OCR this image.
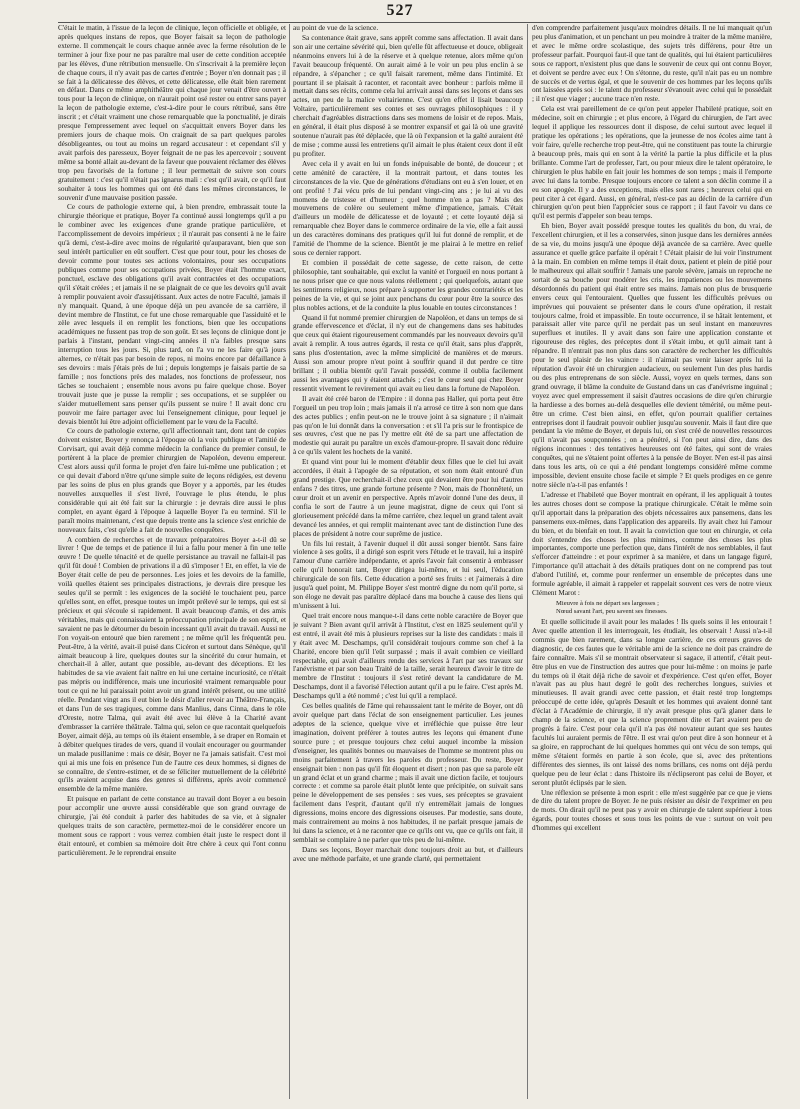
527

C'était le matin, à l'issue de la leçon de clinique, leçon officielle et obligée, et après quelques instans de repos, que Boyer faisait sa leçon de pathologie externe. Il commençait le cours chaque année avec la ferme résolution de le terminer à jour fixe pour ne pas paraître mal user de cette condition acceptée par les élèves, d'une rétribution mensuelle. On s'inscrivait à la première leçon de chaque cours, il n'y avait pas de cartes d'entrée ; Boyer n'en donnait pas ; il se fait à la délicatesse des élèves, et cette délicatesse, elle était bien rarement en défaut. Dans ce même amphithéâtre qui chaque jour venait d'être ouvert à tous pour la leçon de clinique, on n'aurait point osé rester ou entrer sans payer la leçon de pathologie externe, c'est-à-dire pour le cours rétribué, sans être inscrit ; et c'était vraiment une chose remarquable que la ponctualité, je dirais presque l'empressement avec lequel on s'acquittait envers Boyer dans les premiers jours de chaque mois. On craignait de sa part quelques paroles désobligeantes, ou tout au moins un regard accusateur : et cependant s'il y avait parfois des paresseux, Boyer feignait de ne pas les apercevoir ; souvent même sa bonté allait au-devant de la faveur que pouvaient réclamer des élèves trop peu favorisés de la fortune ; il leur permettait de suivre son cours gratuitement : c'est qu'il n'était pas ignarus mali : c'est qu'il avait, ce qu'il faut souhaiter à tous les hommes qui ont été dans les mêmes circonstances, le souvenir d'une mauvaise position passée.

Ce cours de pathologie externe qui, à bien prendre, embrassait toute la chirurgie théorique et pratique, Boyer l'a continué aussi longtemps qu'il a pu le combiner avec les exigences d'une grande pratique particulière, et l'accomplissement de devoirs impérieux ; il n'aurait pas consenti à ne le faire qu'à demi, c'est-à-dire avec moins de régularité qu'auparavant, bien que son seul intérêt particulier en eût souffert. C'est que pour tout, pour les choses de devoir comme pour toutes ses actions volontaires, pour ses occupations publiques comme pour ses occupations privées, Boyer était l'homme exact, ponctuel, esclave des obligations qu'il avait contractées et des occupations qu'il s'était créées ; et jamais il ne se plaignait de ce que les devoirs qu'il avait à remplir pouvaient avoir d'assujétissant. Aux actes de notre Faculté, jamais il n'y manquait. Quand, à une époque déjà un peu avancée de sa carrière, il devint membre de l'Institut, ce fut une chose remarquable que l'assiduité et le zèle avec lesquels il en remplit les fonctions, bien que les occupations académiques ne fussent pas trop de son goût. Et ses leçons de clinique dont je parlais à l'instant, pendant vingt-cinq années il n'a faibles presque sans interruption tous les jours. Si, plus tard, on l'a vu ne les faire qu'à jours alternes, ce n'était pas par besoin de repos, ni moins encore par défaillance à ses devoirs : mais j'étais près de lui ; depuis longtemps je faisais partie de sa famille ; nos fonctions près des malades, nos fonctions de professeur, nos tâches se touchaient ; ensemble nous avons pu faire quelque chose. Boyer trouvait juste que je pusse la remplir ; ses occupations, et se suppléer ou s'aider mutuellement sans penser qu'ils pussent se nuire ! Il avait donc cru pouvoir me faire partager avec lui l'enseignement clinique, pour lequel je devais bientôt lui être adjoint officiellement par le vœu de la Faculté.

Ce cours de pathologie externe, qu'il affectionnait tant, dont tant de copies doivent exister, Boyer y renonça à l'époque où la voix publique et l'amitié de Corvisart, qui avait déjà comme médecin la confiance du premier consul, le portèrent à la place de premier chirurgien de Napoléon, devenu empereur. C'est alors aussi qu'il forma le projet d'en faire lui-même une publication ; et ce qui devait d'abord n'être qu'une simple suite de leçons rédigées, est devenu par les soins de plus en plus grands que Boyer y a apportés, par les études nouvelles auxquelles il s'est livré, l'ouvrage le plus étendu, le plus considérable qui ait été fait sur la chirurgie : je devrais dire aussi le plus complet, en ayant égard à l'époque à laquelle Boyer l'a eu terminé. S'il le paraît moins maintenant, c'est que depuis trente ans la science s'est enrichie de nouveaux faits, c'est qu'elle a fait de nouvelles conquêtes.

A combien de recherches et de travaux préparatoires Boyer a-t-il dû se livrer ! Que de temps et de patience il lui a fallu pour mener à fin une telle œuvre ! De quelle ténacité et de quelle persistance au travail ne fallait-il pas qu'il fût doué ! Combien de privations il a dû s'imposer ! Et, en effet, la vie de Boyer était celle de peu de personnes. Les joies et les devoirs de la famille, voilà quelles étaient ses principales distractions, je devrais dire presque les seules qu'il se permît : les exigences de la société le touchaient peu, parce qu'elles sont, en effet, presque toutes un impôt prélevé sur le temps, qui est si précieux et qui s'écoule si rapidement. Il avait beaucoup d'amis, et des amis véritables, mais qui connaissaient la préoccupation principale de son esprit, et savaient ne pas le détourner du besoin incessant qu'il avait du travail. Aussi ne l'on voyait-on entouré que bien rarement ; ne même qu'il les fréquentât peu. Peut-être, à la vérité, avait-il puisé dans Cicéron et surtout dans Sénèque, qu'il aimait beaucoup à lire, quelques doutes sur la sincérité du cœur humain, et cherchait-il à aller, autant que possible, au-devant des déceptions. Et les habitudes de sa vie avaient fait naître en lui une certaine incuriosité, ce n'était pas mépris ou indifférence, mais une incuriosité vraiment remarquable pour tout ce qui ne lui paraissait point avoir un grand intérêt présent, ou une utilité réelle. Pendant vingt ans il eut bien le désir d'aller revoir au Théâtre-Français, et dans l'un de ses tragiques, comme dans Manlius, dans Cinna, dans le rôle d'Oreste, notre Talma, qui avait été avec lui élève à la Charité avant d'embrasser la carrière théâtrale. Talma qui, selon ce que racontait quelquefois Boyer, aimait déjà, au temps où ils étaient ensemble, à se draper en Romain et à débiter quelques tirades de vers, quand il voulait encourager ou gourmander un malade pusillanime : mais ce désir, Boyer ne l'a jamais satisfait. C'est moi qui ai mis une fois en présence l'un de l'autre ces deux hommes, si dignes de se connaître, de s'entre-estimer, et de se féliciter mutuellement de la célébrité qu'ils avaient acquise dans des genres si différens, après avoir commencé ensemble de la même manière.

Et puisque en parlant de cette constance au travail dont Boyer a eu besoin pour accomplir une œuvre aussi considérable que son grand ouvrage de chirurgie, j'ai été conduit à parler des habitudes de sa vie, et à signaler quelques traits de son caractère, permettez-moi de le considérer encore un moment sous ce rapport : vous verrez combien était juste le respect dont il était entouré, et combien sa mémoire doit être chère à ceux qui l'ont connu particulièrement. Je le reprendrai ensuite

au point de vue de la science.

Sa contenance était grave, sans apprêt comme sans affectation. Il avait dans son air une certaine sévérité qui, bien qu'elle fût affectueuse et douce, obligeait néanmoins envers lui à de la réserve et à quelque retenue, alors même qu'on l'avait beaucoup fréquenté. On aurait aimé à le voir un peu plus enclin à se répandre, à s'épancher ; ce qu'il faisait rarement, même dans l'intimité. Et pourtant il se plaisait à raconter, et racontait avec bonheur : parfois même il mettait dans ses récits, comme cela lui arrivait aussi dans ses leçons et dans ses actes, un peu de la malice voltairienne. C'est qu'en effet il lisait beaucoup Voltaire, particulièrement ses contes et ses ouvrages philosophiques : il y cherchait d'agréables distractions dans ses momens de loisir et de repos. Mais, en général, il était plus disposé à se montrer expansif et gai là où une gravité soutenue n'aurait pas été déplacée, que là où l'expansion et la gaîté auraient été de mise ; comme aussi les entretiens qu'il aimait le plus étaient ceux dont il eût pu profiter.

Avec cela il y avait en lui un fonds inépuisable de bonté, de douceur ; et cette aménité de caractère, il la montrait partout, et dans toutes les circonstances de la vie. Que de générations d'étudians ont eu à s'en louer, et en ont profité ! J'ai vécu près de lui pendant vingt-cinq ans ; je lui ai vu des momens de tristesse et d'humeur ; quel homme n'en a pas ? Mais des mouvemens de colère ou seulement même d'impatience, jamais. C'était d'ailleurs un modèle de délicatesse et de loyauté ; et cette loyauté déjà si remarquable chez Boyer dans le commerce ordinaire de la vie, elle a fait aussi un des caractères dominans des pratiques qu'il lui fut donné de remplir, et de l'amitié de l'homme de la science. Bientôt je me plairai à le mettre en relief sous ce dernier rapport.

Et combien il possédait de cette sagesse, de cette raison, de cette philosophie, tant souhaitable, qui exclut la vanité et l'orgueil en nous portant à ne nous priser que ce que nous valons réellement ; qui quelquefois, autant que les sentimens religieux, nous prépare à supporter les grandes contrariétés et les peines de la vie, et qui se joint aux penchans du cœur pour être la source des plus nobles actions, et de la conduite la plus louable en toutes circonstances !

Quand il fut nommé premier chirurgien de Napoléon, et dans un temps de si grande effervescence et d'éclat, il n'y eut de changemens dans ses habitudes que ceux qui étaient rigoureusement commandés par les nouveaux devoirs qu'il avait à remplir. A tous autres égards, il resta ce qu'il était, sans plus d'apprêt, sans plus d'ostentation, avec la même simplicité de manières et de mœurs. Aussi son amour propre n'eut point à souffrir quand il dut perdre ce titre brillant ; il oublia bientôt qu'il l'avait possédé, comme il oublia facilement aussi les avantages qui y étaient attachés ; c'est le cœur seul qui chez Boyer ressentit vivement le revirement qui avait eu lieu dans la fortune de Napoléon.

Il avait été créé baron de l'Empire : il donna pas Haller, qui porta peut être l'orgueil un peu trop loin ; mais jamais il n'a arrosé ce titre à son nom que dans des actes publics ; enfin peut-on ne le trouve joint à sa signature ; il n'aimait pas qu'on le lui donnât dans la conversation : et s'il l'a pris sur le frontispice de ses œuvres, c'est que ne pas l'y mettre eût été de sa part une affectation de modestie qui aurait pu paraître un excès d'amour-propre. Il savait donc réduire à ce qu'ils valent les hochets de la vanité.

Et quand vint pour lui le moment d'établir deux filles que le ciel lui avait accordées, il était à l'apogée de sa réputation, et son nom était entouré d'un grand prestige. Que recherchait-il chez ceux qui devaient être pour lui d'autres enfans ? des titres, une grande fortune présente ? Non, mais de l'honnêteté, un cœur droit et un avenir en perspective. Après m'avoir donné l'une des deux, il confia le sort de l'autre à un jeune magistrat, digne de ceux qui l'ont si glorieusement précédé dans la même carrière, chez lequel un grand talent avait devancé les années, et qui remplit maintenant avec tant de distinction l'une des places de président à notre cour suprême de justice.

Un fils lui restait, à l'avenir duquel il dût aussi songer bientôt. Sans faire violence à ses goûts, il a dirigé son esprit vers l'étude et le travail, lui a inspiré l'amour d'une carrière indépendante, et après l'avoir fait consentir à embrasser celle qu'il honorait tant, Boyer dirigea lui-même, et lui seul, l'éducation chirurgicale de son fils. Cette éducation a porté ses fruits : et j'aimerais à dire jusqu'à quel point, M. Philippe Boyer s'est montré digne du nom qu'il porte, si son éloge ne devait pas paraître déplacé dans ma bouche à cause des liens qui m'unissent à lui.

Quel trait encore nous manque-t-il dans cette noble caractère de Boyer que je suivant ? Bien avant qu'il arrivât à l'Institut, c'est en 1825 seulement qu'il y est entré, il avait été mis à plusieurs reprises sur la liste des candidats : mais il y était avec M. Deschamps, qu'il considérait toujours comme son chef à la Charité, encore bien qu'il l'eût surpassé ; mais il avait combien ce vieillard respectable, qui avait d'ailleurs rendu des services à l'art par ses travaux sur l'anévrisme et par son beau Traité de la taille, serait heureux d'avoir le titre de membre de l'Institut : toujours il s'est retiré devant la candidature de M. Deschamps, dont il a favorisé l'élection autant qu'il a pu le faire. C'est après M. Deschamps qu'il a été nommé ; c'est lui qu'il a remplacé.

Ces belles qualités de l'âme qui rehaussaient tant le mérite de Boyer, ont dû avoir quelque part dans l'éclat de son enseignement particulier. Les jeunes adeptes de la science, quelque vive et irréfléchie que puisse être leur imagination, doivent préférer à toutes autres les leçons qui émanent d'une source pure ; et presque toujours chez celui auquel incombe la mission d'enseigner, les qualités bonnes ou mauvaises de l'homme se montrent plus ou moins parfaitement à travers les paroles du professeur. Du reste, Boyer enseignait bien : non pas qu'il fût éloquent et disert ; non pas que sa parole eût un grand éclat et un grand charme ; mais il avait une diction facile, et toujours correcte : et comme sa parole était plutôt lente que précipitée, on suivait sans peine le développement de ses pensées : ses vues, ses préceptes se gravaient facilement dans l'esprit, d'autant qu'il n'y entremêlait jamais de longues digressions, moins encore des digressions oiseuses. Par modestie, sans doute, mais contrairement au moins à nos habitudes, il ne parlait presque jamais de lui dans la science, et à ne raconter que ce qu'ils ont vu, que ce qu'ils ont fait, il semblait se complaire à ne parler que très peu de lui-même.

Dans ses leçons, Boyer marchait donc toujours droit au but, et d'ailleurs avec une méthode parfaite, et une grande clarté, qui permettaient

d'en comprendre parfaitement jusqu'aux moindres détails. Il ne lui manquait qu'un peu plus d'animation, et un penchant un peu moindre à traiter de la même manière, et avec le même ordre scolastique, des sujets très différens, pour être un professeur parfait. Pourquoi faut-il que tant de qualités, qui lui étaient particulières sous ce rapport, n'existent plus que dans le souvenir de ceux qui ont connu Boyer, et doivent se perdre avec eux ! On s'étonne, du reste, qu'il n'ait pas eu un nombre de succès et de vertus égal, et que le souvenir de ces hommes par les leçons qu'ils ont laissées après soi : le talent du professeur s'évanouit avec celui qui le possédait ; il n'est que viager ; aucune trace n'en reste.

Cela est vrai pareillement de ce qu'on peut appeler l'habileté pratique, soit en médecine, soit en chirurgie ; et plus encore, à l'égard du chirurgien, de l'art avec lequel il applique les ressources dont il dispose, de celui surtout avec lequel il pratique les opérations ; les opérations, que la jeunesse de nos écoles aime tant à voir faire, qu'elle recherche trop peut-être, qui ne constituent pas toute la chirurgie à beaucoup près, mais qui en sont à la vérité la partie la plus difficile et la plus brillante. Comme l'art de professer, l'art, ou pour mieux dire le talent opératoire, le chirurgien le plus habile en fait jouir les hommes de son temps ; mais il l'emporte avec lui dans la tombe. Presque toujours encore ce talent a son déclin comme il a eu son apogée. Il y a des exceptions, mais elles sont rares ; heureux celui qui en peut citer à cet égard. Aussi, en général, n'est-ce pas au déclin de la carrière d'un chirurgien qu'on peut bien l'apprécier sous ce rapport ; il faut l'avoir vu dans ce qu'il est permis d'appeler son beau temps.

Eh bien, Boyer avait possédé presque toutes les qualités du bon, du vrai, de l'excellent chirurgien, et il les a conservées, sinon jusque dans les dernières années de sa vie, du moins jusqu'à une époque déjà avancée de sa carrière. Avec quelle assurance et quelle grâce parfaite il opérait ! C'était plaisir de lui voir l'instrument à la main. En combien en même temps il était doux, patient et plein de pitié pour le malheureux qui allait souffrir ! Jamais une parole sévère, jamais un reproche ne sortait de sa bouche pour modérer les cris, les impatiences ou les mouvemens désordonnés du patient qui était entre ses mains. Jamais non plus de brusquerie envers ceux qui l'entouraient. Quelles que fussent les difficultés prévues ou imprévues qui pouvaient se présenter dans le cours d'une opération, il restait toujours calme, froid et impassible. En toute occurrence, il se hâtait lentement, et paraissait aller vite parce qu'il ne perdait pas un seul instant en manœuvres superflues et inutiles. Il y avait dans son faire une application constante et rigoureuse des règles, des préceptes dont il s'était imbu, et qu'il aimait tant à répandre. Il n'entrait pas non plus dans son caractère de rechercher les difficultés pour le seul plaisir de les vaincre : il n'aimait pas venir laisser après lui la réputation d'avoir été un chirurgien audacieux, ou seulement l'un des plus hardis ou des plus entreprenans de son siècle. Aussi, voyez en quels termes, dans son grand ouvrage, il blâme la conduite de Gustand dans un cas d'anévrisme inguinal ; voyez avec quel empressement il saisit d'autres occasions de dire qu'en chirurgie la hardiesse a des bornes au-delà desquelles elle devient témérité, ou même peut-être un crime. C'est bien ainsi, en effet, qu'on pourrait qualifier certaines entreprises dont il faudrait pouvoir oublier jusqu'au souvenir. Mais il faut dire que pendant la vie même de Boyer, et depuis lui, on s'est créé de nouvelles ressources qu'il n'avait pas soupçonnées ; on a pénétré, si l'on peut ainsi dire, dans des régions inconnues : des tentatives heureuses ont été faites, qui sont de vraies conquêtes, qui ne s'étaient point offertes à la pensée de Boyer. N'en est-il pas ainsi dans tous les arts, où ce qui a été pendant longtemps considéré même comme impossible, devient ensuite chose facile et simple ? Et quels prodiges en ce genre notre siècle n'a-t-il pas enfantés !

L'adresse et l'habileté que Boyer montrait en opérant, il les appliquait à toutes les autres choses dont se compose la pratique chirurgicale. C'était le même soin qu'il apportait dans la préparation des objets nécessaires aux pansemens, dans les pansemens eux-mêmes, dans l'application des appareils. Ily avait chez lui l'amour du bien, et du bienfait en tout. Il avait la conviction que tout en chirurgie, et cela doit s'entendre des choses les plus minimes, comme des choses les plus importantes, comporte une perfection que, dans l'intérêt de nos semblables, il faut s'efforcer d'atteindre : et pour exprimer à sa manière, et dans un langage figuré, l'importance qu'il attachait à des détails pratiques dont on ne comprend pas tout d'abord l'utilité, et, comme pour renfermer un ensemble de préceptes dans une formule agréable, il aimait à rappeler et rappelait souvent ces vers de notre vieux Clément Marot :

Mieuvre à fois ne départ ses largesses ;
Nœud savant l'art, peu savent ses finesses.

Et quelle sollicitude il avait pour les malades ! Ils quels soins il les entourait ! Avec quelle attention il les interrogeait, les étudiait, les observait ! Aussi n'a-t-il commis que bien rarement, dans sa longue carrière, de ces erreurs graves de diagnostic, de ces fautes que le véritable ami de la science ne doit pas craindre de faire connaître. Mais s'il se montrait observateur si sagace, il attentif, c'était peut-être plus en vue de l'instruction des autres que pour lui-même : on moins je parle du temps où il était déjà riche de savoir et d'expérience. C'est qu'en effet, Boyer n'avait pas au plus haut degré le goût des recherches longues, suivies et minutieuses. Il avait grandi avec cette passion, et était resté trop longtemps préoccupé de cette idée, qu'après Desault et les hommes qui avaient donné tant d'éclat à l'Académie de chirurgie, il n'y avait presque plus qu'à glaner dans le champ de la science, et que la science proprement dite et l'art avaient peu de progrès à faire. C'est pour cela qu'il n'a pas été novateur autant que ses hautes facultés lui auraient permis de l'être. Il est vrai qu'on peut dire à son honneur et à sa gloire, en rapprochant de lui quelques hommes qui ont vécu de son temps, qui même s'étaient formés en partie à son école, que si, avec des prétentions différentes des siennes, ils ont laissé des noms brillans, ces noms ont déjà perdu quelque peu de leur éclat : dans l'histoire ils n'éclipseront pas celui de Boyer, et seront plutôt éclipsés par le sien.

Une réflexion se présente à mon esprit : elle m'est suggérée par ce que je viens de dire du talent propre de Boyer. Je ne puis résister au désir de l'exprimer en peu de mots. On dirait qu'il ne peut pas y avoir en chirurgie de talent supérieur à tous égards, pour toutes choses et sous tous les points de vue : surtout on voit peu d'hommes qui excellent
